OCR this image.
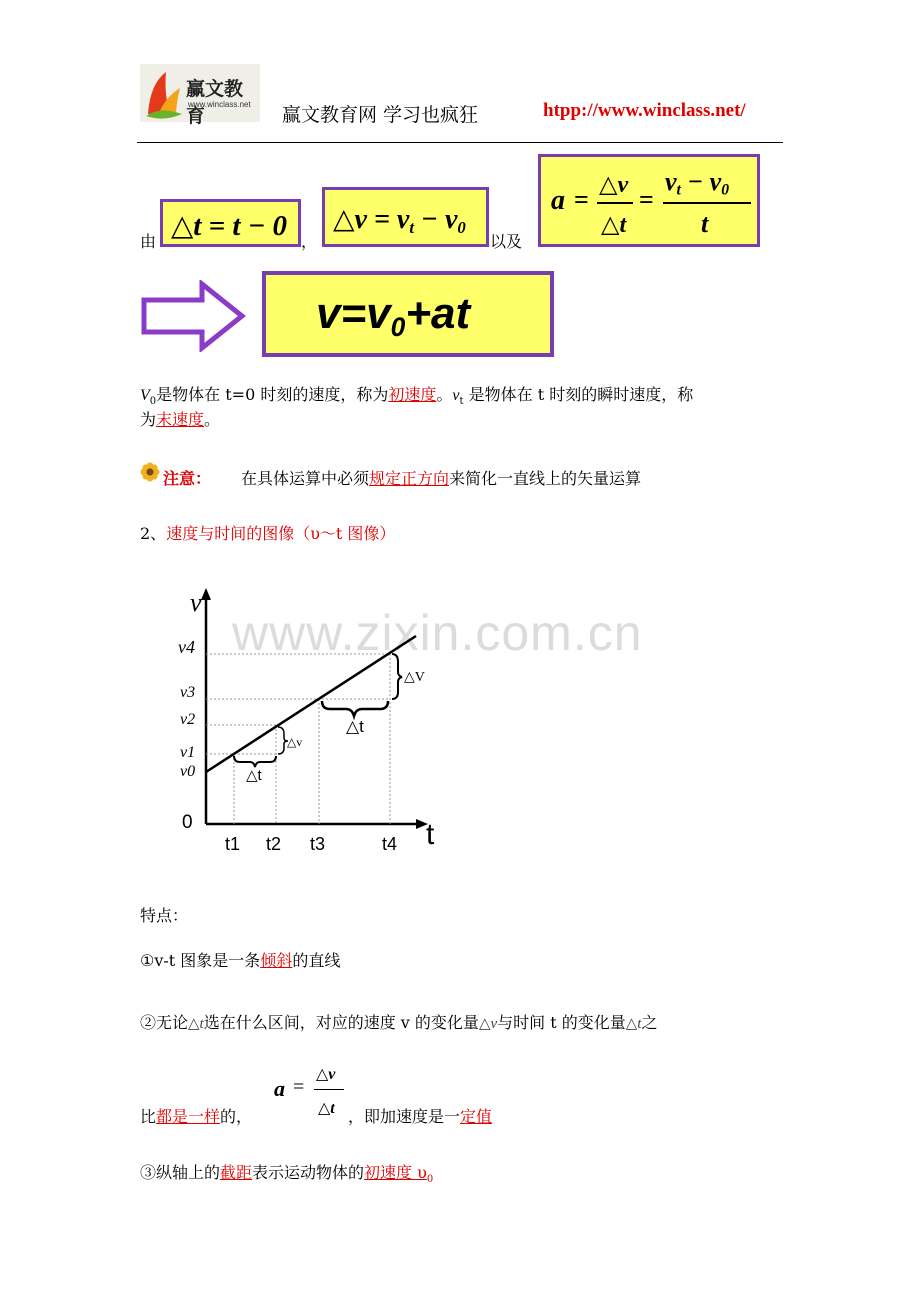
赢文教育
www.winclass.net 赢文教育网 学习也疯狂	htpp://www.winclass.net/
由 △t = t − 0 ，
△v = vt − v0
以及
a = △v
△t
=
vt − v0
t
v=v0+at
$V_0$是物体在 t=0 时刻的速度，称为初速度。$v_t$ 是物体在 t 时刻的瞬时速度，称
为末速度。
注意： 在具体运算中必须规定正方向来简化一直线上的矢量运算
2、速度与时间的图像（υ～t 图像）
www.zixin.com.cn
v
t
0
v4
v3
v2
v1
v0
t1 t2 t3	t4
△v
△t
△V
△t
特点：
①v-t 图象是一条倾斜的直线
②无论△t选在什么区间，对应的速度 v 的变化量△v与时间 t 的变化量△t之
a =
△v
△t
比都是一样的，	，即加速度是一定值
③纵轴上的截距表示运动物体的初速度 $\upsilon_0$
